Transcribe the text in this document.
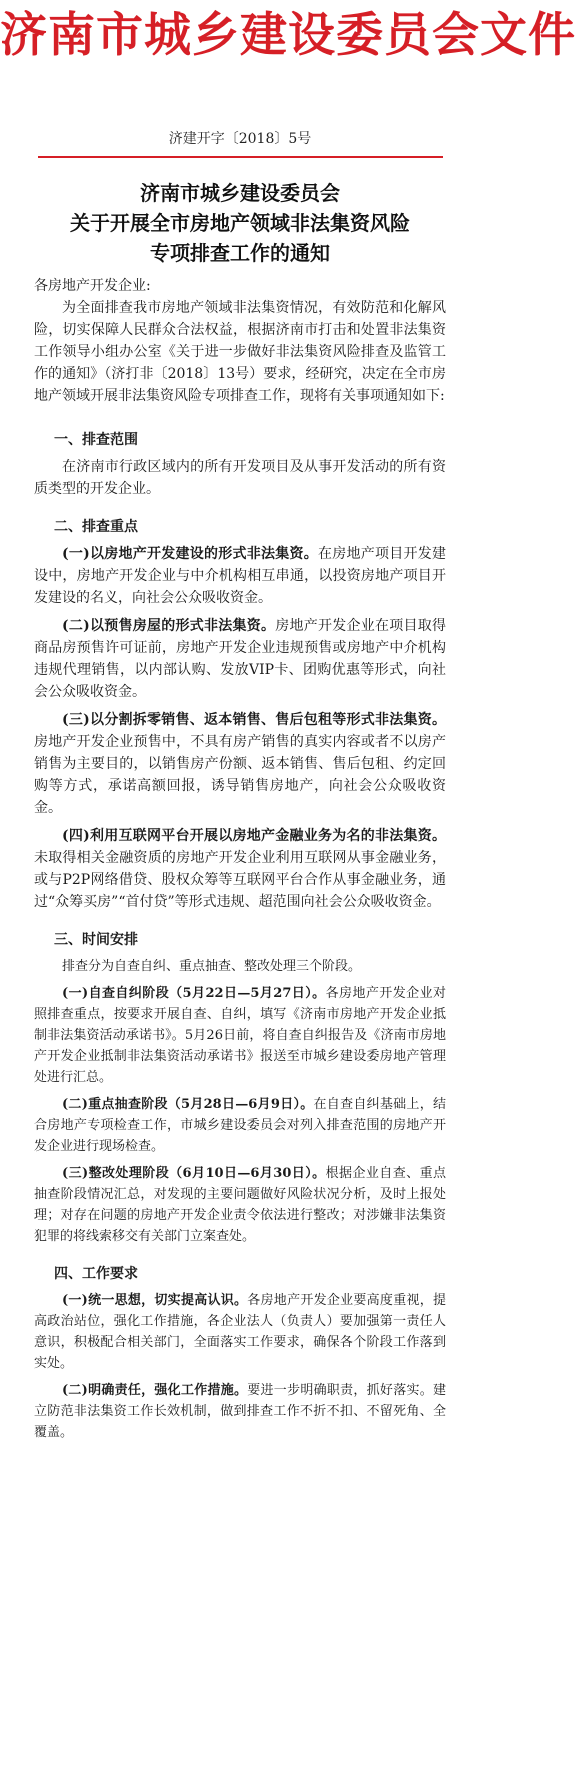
济南市城乡建设委员会文件
济建开字〔2018〕5号
济南市城乡建设委员会
关于开展全市房地产领域非法集资风险
专项排查工作的通知

各房地产开发企业:

为全面排查我市房地产领域非法集资情况，有效防范和化解风险，切实保障人民群众合法权益，根据济南市打击和处置非法集资工作领导小组办公室《关于进一步做好非法集资风险排查及监管工作的通知》（济打非〔2018〕13号）要求，经研究，决定在全市房地产领域开展非法集资风险专项排查工作，现将有关事项通知如下:

一、排查范围

在济南市行政区域内的所有开发项目及从事开发活动的所有资质类型的开发企业。

二、排查重点

(一)以房地产开发建设的形式非法集资。在房地产项目开发建设中，房地产开发企业与中介机构相互串通，以投资房地产项目开发建设的名义，向社会公众吸收资金。

(二)以预售房屋的形式非法集资。房地产开发企业在项目取得商品房预售许可证前，房地产开发企业违规预售或房地产中介机构违规代理销售，以内部认购、发放VIP卡、团购优惠等形式，向社会公众吸收资金。

(三)以分割拆零销售、返本销售、售后包租等形式非法集资。房地产开发企业预售中，不具有房产销售的真实内容或者不以房产销售为主要目的，以销售房产份额、返本销售、售后包租、约定回购等方式，承诺高额回报，诱导销售房地产，向社会公众吸收资金。

(四)利用互联网平台开展以房地产金融业务为名的非法集资。未取得相关金融资质的房地产开发企业利用互联网从事金融业务，或与P2P网络借贷、股权众筹等互联网平台合作从事金融业务，通过“众筹买房”“首付贷”等形式违规、超范围向社会公众吸收资金。

三、时间安排

排查分为自查自纠、重点抽查、整改处理三个阶段。

(一)自查自纠阶段（5月22日—5月27日）。各房地产开发企业对照排查重点，按要求开展自查、自纠，填写《济南市房地产开发企业抵制非法集资活动承诺书》。5月26日前，将自查自纠报告及《济南市房地产开发企业抵制非法集资活动承诺书》报送至市城乡建设委房地产管理处进行汇总。

(二)重点抽查阶段（5月28日—6月9日）。在自查自纠基础上，结合房地产专项检查工作，市城乡建设委员会对列入排查范围的房地产开发企业进行现场检查。

(三)整改处理阶段（6月10日—6月30日）。根据企业自查、重点抽查阶段情况汇总，对发现的主要问题做好风险状况分析，及时上报处理；对存在问题的房地产开发企业责令依法进行整改；对涉嫌非法集资犯罪的将线索移交有关部门立案查处。

四、工作要求

(一)统一思想，切实提高认识。各房地产开发企业要高度重视，提高政治站位，强化工作措施，各企业法人（负责人）要加强第一责任人意识，积极配合相关部门，全面落实工作要求，确保各个阶段工作落到实处。

(二)明确责任，强化工作措施。要进一步明确职责，抓好落实。建立防范非法集资工作长效机制，做到排查工作不折不扣、不留死角、全覆盖。
